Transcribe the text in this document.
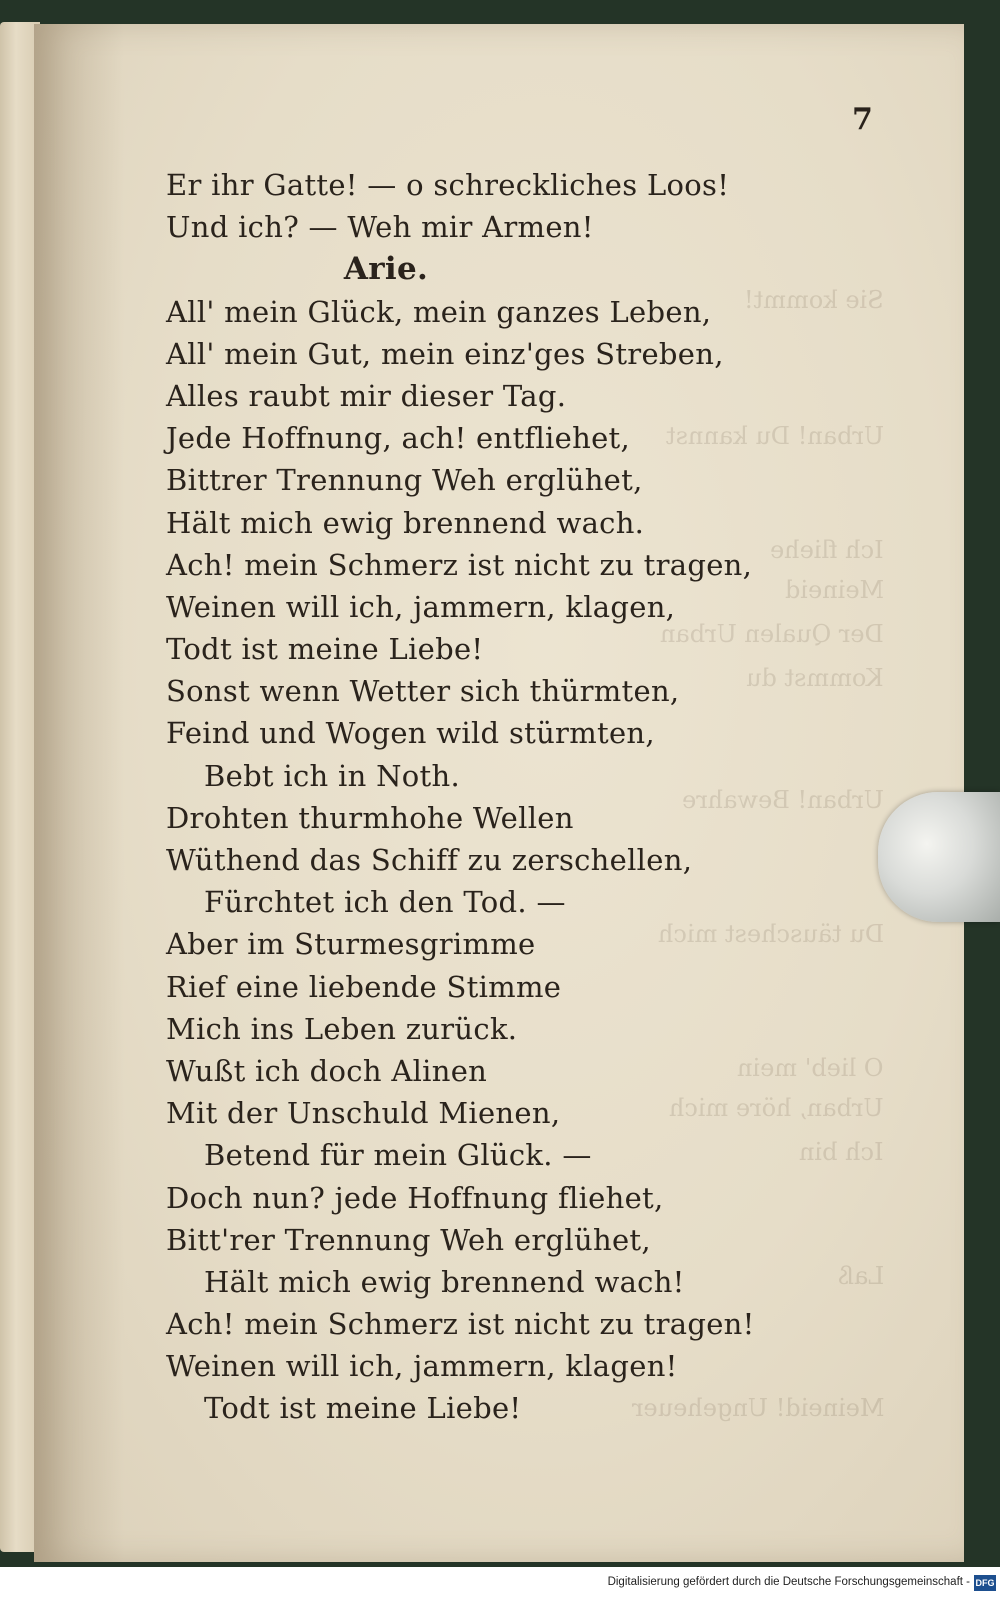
Sie kommt!
Urban! Du kannst
Ich fliehe
Meineid
Der Qualen Urban
Kommst du
Urban! Bewahre
Du täuschest mich
O lieb' mein
Urban, höre mich
Ich bin
Laß
Meineid! Ungeheuer
7
Er ihr Gatte! — o schreckliches Loos!
Und ich? — Weh mir Armen!
Arie.
All' mein Glück, mein ganzes Leben,
All' mein Gut, mein einz'ges Streben,
Alles raubt mir dieser Tag.
Jede Hoffnung, ach! entfliehet,
Bittrer Trennung Weh erglühet,
Hält mich ewig brennend wach.
Ach! mein Schmerz ist nicht zu tragen,
Weinen will ich, jammern, klagen,
Todt ist meine Liebe!
Sonst wenn Wetter sich thürmten,
Feind und Wogen wild stürmten,
Bebt ich in Noth.
Drohten thurmhohe Wellen
Wüthend das Schiff zu zerschellen,
Fürchtet ich den Tod. —
Aber im Sturmesgrimme
Rief eine liebende Stimme
Mich ins Leben zurück.
Wußt ich doch Alinen
Mit der Unschuld Mienen,
Betend für mein Glück. —
Doch nun? jede Hoffnung fliehet,
Bitt'rer Trennung Weh erglühet,
Hält mich ewig brennend wach!
Ach! mein Schmerz ist nicht zu tragen!
Weinen will ich, jammern, klagen!
Todt ist meine Liebe!
Digitalisierung gefördert durch die Deutsche Forschungsgemeinschaft - DFG
